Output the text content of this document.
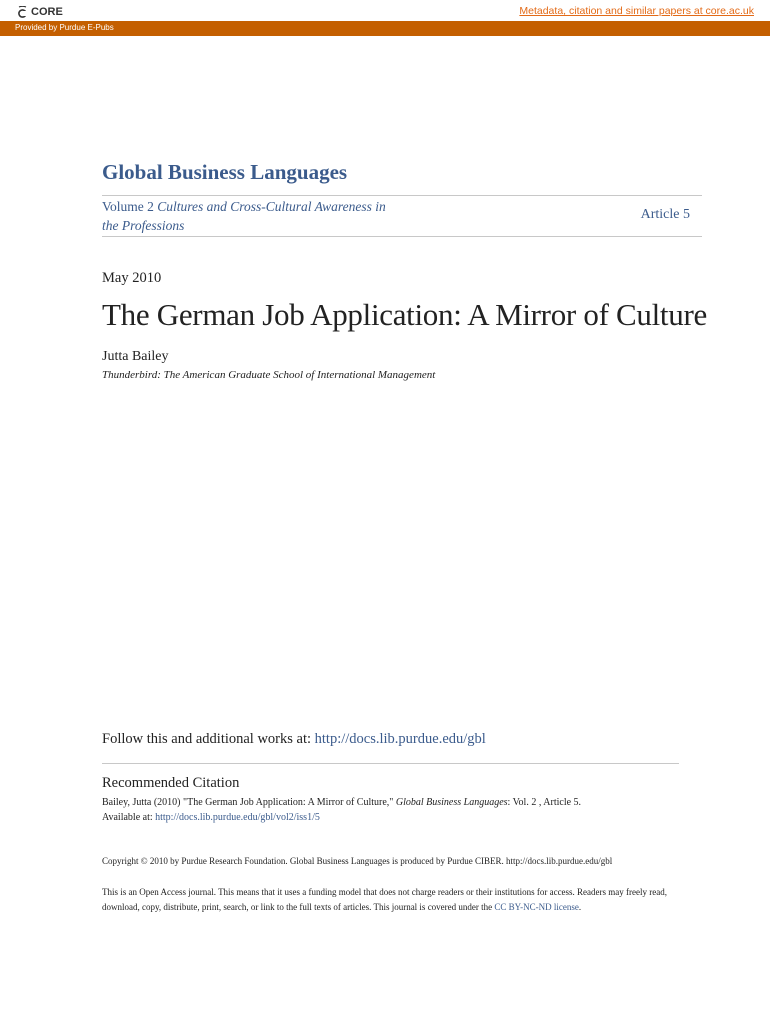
CORE	Metadata, citation and similar papers at core.ac.uk
Provided by Purdue E-Pubs
Global Business Languages
Volume 2 Cultures and Cross-Cultural Awareness in the Professions
Article 5
May 2010
The German Job Application: A Mirror of Culture
Jutta Bailey
Thunderbird: The American Graduate School of International Management
Follow this and additional works at: http://docs.lib.purdue.edu/gbl
Recommended Citation
Bailey, Jutta (2010) "The German Job Application: A Mirror of Culture," Global Business Languages: Vol. 2 , Article 5.
Available at: http://docs.lib.purdue.edu/gbl/vol2/iss1/5
Copyright © 2010 by Purdue Research Foundation. Global Business Languages is produced by Purdue CIBER. http://docs.lib.purdue.edu/gbl
This is an Open Access journal. This means that it uses a funding model that does not charge readers or their institutions for access. Readers may freely read, download, copy, distribute, print, search, or link to the full texts of articles. This journal is covered under the CC BY-NC-ND license.
